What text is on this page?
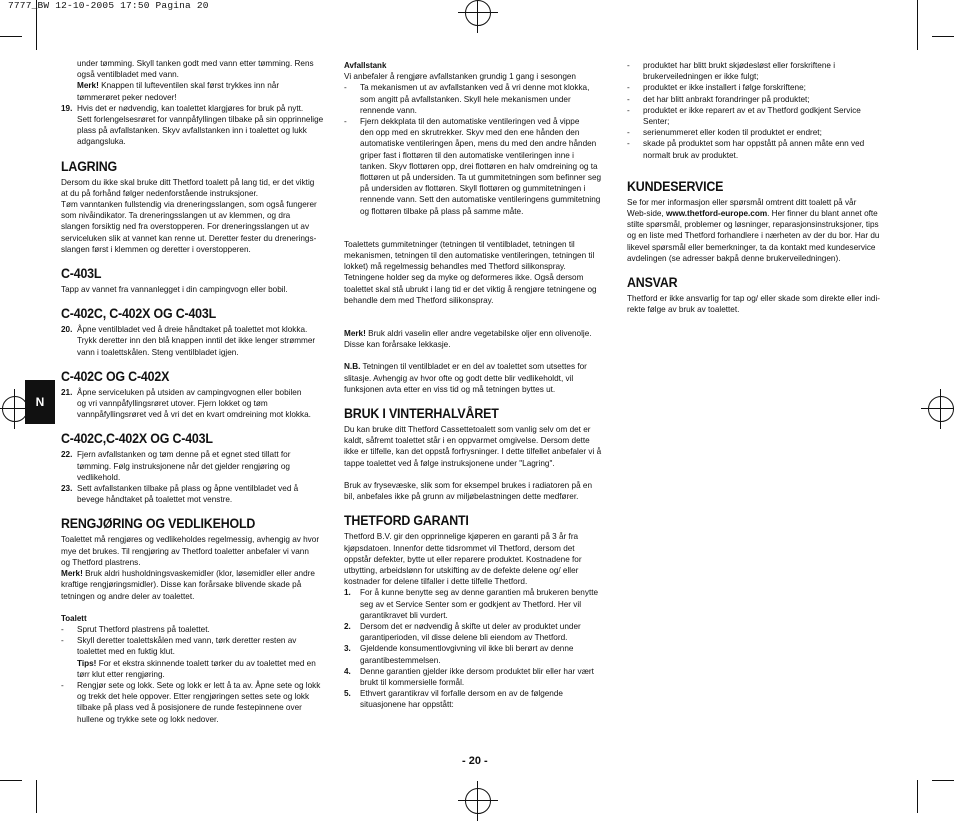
7777_BW 12-10-2005 17:50 Pagina 20
N

under tømming. Skyll tanken godt med vann etter tømming. Rens

også ventilbladet med vann.

Merk! Knappen til lufteventilen skal først trykkes inn når

tømmerøret peker nedover!

19. Hvis det er nødvendig, kan toalettet klargjøres for bruk på nytt.

Sett forlengelsesrøret for vannpåfyllingen tilbake på sin opprinnelige

plass på avfallstanken. Skyv avfallstanken inn i toalettet og lukk

adgangsluka.

LAGRING

Dersom du ikke skal bruke ditt Thetford toalett på lang tid, er det viktig

at du på forhånd følger nedenforstående instruksjoner.

Tøm vanntanken fullstendig via dreneringsslangen, som også fungerer

som nivåindikator. Ta dreneringsslangen ut av klemmen, og dra

slangen forsiktig ned fra overstopperen. For dreneringsslangen ut av

serviceluken slik at vannet kan renne ut. Deretter fester du drenerings-

slangen først i klemmen og deretter i overstopperen.

C-403L

Tapp av vannet fra vannanlegget i din campingvogn eller bobil.

C-402C, C-402X OG C-403L
20. Åpne ventilbladet ved å dreie håndtaket på toalettet mot klokka.

Trykk deretter inn den blå knappen inntil det ikke lenger strømmer

vann i toalettskålen. Steng ventilbladet igjen.

C-402C OG C-402X
21. Åpne serviceluken på utsiden av campingvognen eller bobilen

og vri vannpåfyllingsrøret utover. Fjern lokket og tøm

vannpåfyllingsrøret ved å vri det en kvart omdreining mot klokka.

C-402C,C-402X OG C-403L
22. Fjern avfallstanken og tøm denne på et egnet sted tillatt for

tømming. Følg instruksjonene når det gjelder rengjøring og

vedlikehold.

23. Sett avfallstanken tilbake på plass og åpne ventilbladet ved å

bevege håndtaket på toalettet mot venstre.

RENGJØRING OG VEDLIKEHOLD

Toalettet må rengjøres og vedlikeholdes regelmessig, avhengig av hvor

mye det brukes. Til rengjøring av Thetford toaletter anbefaler vi vann

og Thetford plastrens.

Merk! Bruk aldri husholdningsvaskemidler (klor, løsemidler eller andre

kraftige rengjøringsmidler). Disse kan forårsake blivende skade på

tetningen og andre deler av toalettet.

Toalett

-	Sprut Thetford plastrens på toalettet.

-	Skyll deretter toalettskålen med vann, tørk deretter resten av

toalettet med en fuktig klut.

Tips! For et ekstra skinnende toalett tørker du av toalettet med en

tørr klut etter rengjøring.

-	Rengjør sete og lokk. Sete og lokk er lett å ta av. Åpne sete og lokk

og trekk det hele oppover. Etter rengjøringen settes sete og lokk

tilbake på plass ved å posisjonere de runde festepinnene over

hullene og trykke sete og lokk nedover.

Avfallstank

Vi anbefaler å rengjøre avfallstanken grundig 1 gang i sesongen

-	Ta mekanismen ut av avfallstanken ved å vri denne mot klokka,

som angitt på avfallstanken. Skyll hele mekanismen under

rennende vann.

-	Fjern dekkplata til den automatiske ventileringen ved å vippe

den opp med en skrutrekker. Skyv med den ene hånden den

automatiske ventileringen åpen, mens du med den andre hånden

griper fast i flottøren til den automatiske ventileringen inne i

tanken. Skyv flottøren opp, drei flottøren en halv omdreining og ta

flottøren ut på undersiden. Ta ut gummitetningen som befinner seg

på undersiden av flottøren. Skyll flottøren og gummitetningen i

rennende vann. Sett den automatiske ventileringens gummitetning

og flottøren tilbake på plass på samme måte.

Toalettets gummitetninger (tetningen til ventilbladet, tetningen til

mekanismen, tetningen til den automatiske ventileringen, tetningen til

lokket) må regelmessig behandles med Thetford silikonspray.

Tetningene holder seg da myke og deformeres ikke. Også dersom

toalettet skal stå ubrukt i lang tid er det viktig å rengjøre tetningene og

behandle dem med Thetford silikonspray.

Merk! Bruk aldri vaselin eller andre vegetabilske oljer enn olivenolje.

Disse kan forårsake lekkasje.

N.B. Tetningen til ventilbladet er en del av toalettet som utsettes for

slitasje. Avhengig av hvor ofte og godt dette blir vedlikeholdt, vil

funksjonen avta etter en viss tid og må tetningen byttes ut.

BRUK I VINTERHALVÅRET

Du kan bruke ditt Thetford Cassettetoalett som vanlig selv om det er

kaldt, såfremt toalettet står i en oppvarmet omgivelse. Dersom dette

ikke er tilfelle, kan det oppstå forfrysninger. I dette tilfellet anbefaler vi å

tappe toalettet ved å følge instruksjonene under "Lagring".

Bruk av frysevæske, slik som for eksempel brukes i radiatoren på en

bil, anbefales ikke på grunn av miljøbelastningen dette medfører.

THETFORD GARANTI

Thetford B.V. gir den opprinnelige kjøperen en garanti på 3 år fra

kjøpsdatoen. Innenfor dette tidsrommet vil Thetford, dersom det

oppstår defekter, bytte ut eller reparere produktet. Kostnadene for

utbytting, arbeidslønn for utskifting av de defekte delene og/ eller

kostnader for delene tilfaller i dette tilfelle Thetford.

1.	For å kunne benytte seg av denne garantien må brukeren benytte

seg av et Service Senter som er godkjent av Thetford. Her vil

garantikravet bli vurdert.

2.	Dersom det er nødvendig å skifte ut deler av produktet under

garantiperioden, vil disse delene bli eiendom av Thetford.

3.	Gjeldende konsumentlovgivning vil ikke bli berørt av denne

garantibestemmelsen.

4.	Denne garantien gjelder ikke dersom produktet blir eller har vært

brukt til kommersielle formål.

5.	Ethvert garantikrav vil forfalle dersom en av de følgende

situasjonene har oppstått:

-	produktet har blitt brukt skjødesløst eller forskriftene i

brukerveiledningen er ikke fulgt;

-	produktet er ikke installert i følge forskriftene;

-	det har blitt anbrakt forandringer på produktet;

-	produktet er ikke reparert av et av Thetford godkjent Service

Senter;

-	serienummeret eller koden til produktet er endret;

-	skade på produktet som har oppstått på annen måte enn ved

normalt bruk av produktet.

KUNDESERVICE

Se for mer informasjon eller spørsmål omtrent ditt toalett på vår

Web-side, www.thetford-europe.com. Her finner du blant annet ofte

stilte spørsmål, problemer og løsninger, reparasjonsinstruksjoner, tips

og en liste med Thetford forhandlere i nærheten av der du bor. Har du

likevel spørsmål eller bemerkninger, ta da kontakt med kundeservice

avdelingen (se adresser bakpå denne brukerveiledningen).

ANSVAR

Thetford er ikke ansvarlig for tap og/ eller skade som direkte eller indi-

rekte følge av bruk av toalettet.

- 20 -
